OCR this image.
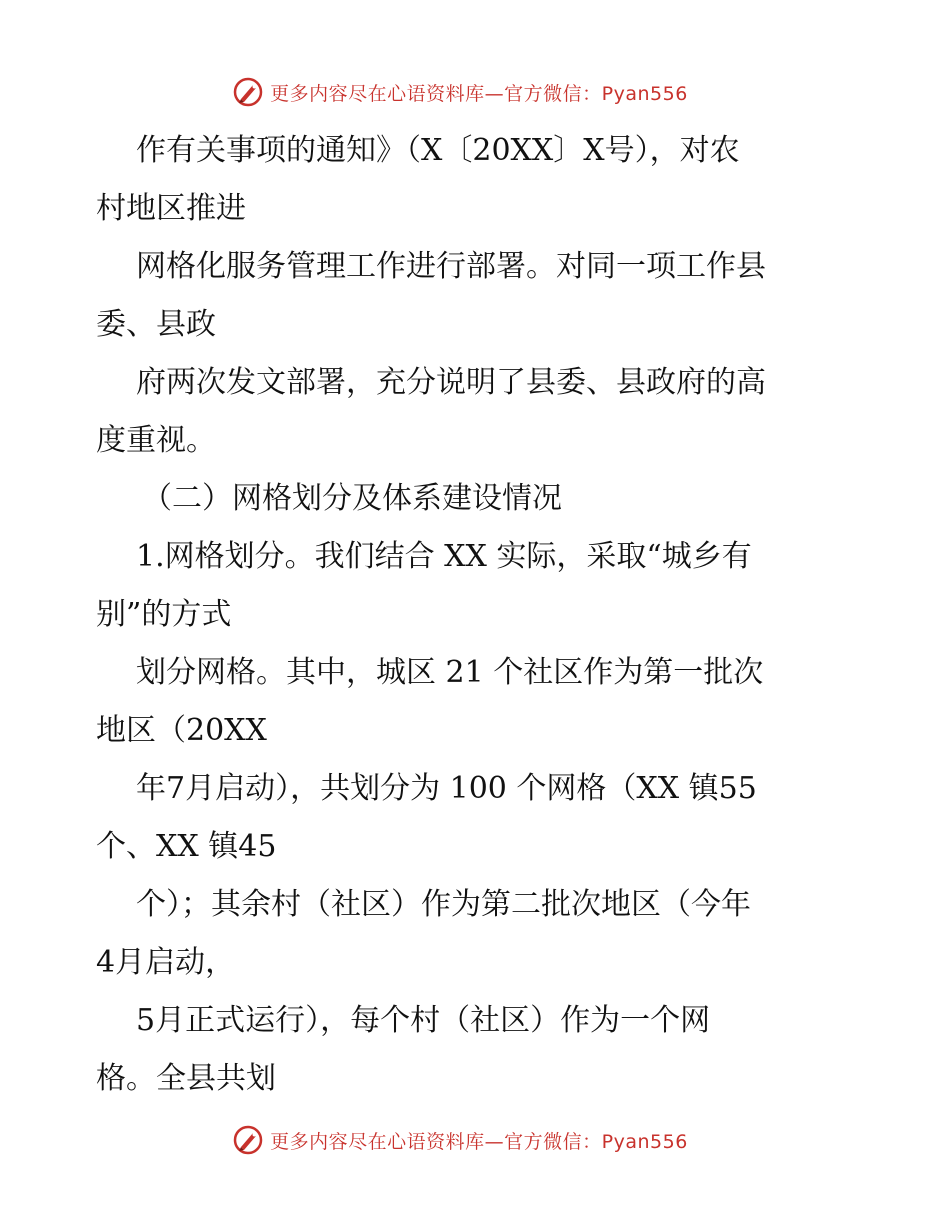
更多内容尽在心语资料库—官方微信：Pyan556
作有关事项的通知》（X〔20XX〕X号），对农
村地区推进
网格化服务管理工作进行部署。对同一项工作县
委、县政
府两次发文部署，充分说明了县委、县政府的高
度重视。
（二）网格划分及体系建设情况
1.网格划分。我们结合 XX 实际，采取“城乡有
别”的方式
划分网格。其中，城区 21 个社区作为第一批次
地区（20XX
年7月启动），共划分为 100 个网格（XX 镇55
个、XX 镇45
个）；其余村（社区）作为第二批次地区（今年
4月启动，
5月正式运行），每个村（社区）作为一个网
格。全县共划
更多内容尽在心语资料库—官方微信：Pyan556
